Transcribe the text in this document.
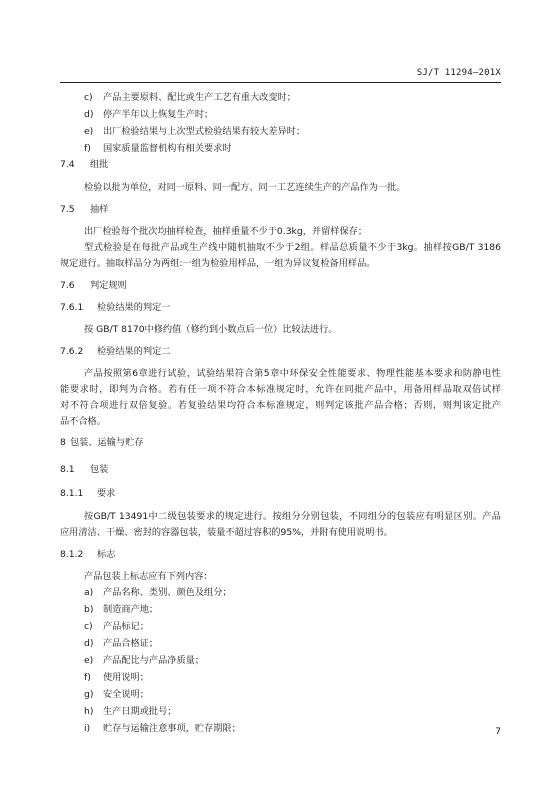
SJ/T 11294—201X
c) 产品主要原料、配比或生产工艺有重大改变时；
d) 停产半年以上恢复生产时；
e) 出厂检验结果与上次型式检验结果有较大差异时；
f) 国家质量监督机构有相关要求时
7.4 组批
检验以批为单位，对同一原料、同一配方、同一工艺连续生产的产品作为一批。
7.5 抽样
出厂检验每个批次均抽样检查，抽样重量不少于0.3kg，并留样保存；
型式检验是在每批产品或生产线中随机抽取不少于2组。样品总质量不少于3kg。抽样按GB/T 3186
规定进行。抽取样品分为两组:一组为检验用样品，一组为异议复检备用样品。
7.6 判定规则
7.6.1 检验结果的判定一
按 GB/T 8170中修约值（修约到小数点后一位）比较法进行。
7.6.2 检验结果的判定二
产品按照第6章进行试验，试验结果符合第5章中环保安全性能要求、物理性能基本要求和防静电性
能要求时，即判为合格。若有任一项不符合本标准规定时，允许在同批产品中，用备用样品取双倍试样
对不符合项进行双倍复验。若复验结果均符合本标准规定，则判定该批产品合格；否则，则判该定批产
品不合格。
8 包装、运输与贮存
8.1 包装
8.1.1 要求
按GB/T 13491中二级包装要求的规定进行。按组分分别包装，不同组分的包装应有明显区别。产品
应用清洁、干燥、密封的容器包装，装量不超过容积的95%，并附有使用说明书。
8.1.2 标志
产品包装上标志应有下列内容：
a) 产品名称、类别、颜色及组分；
b) 制造商产地；
c) 产品标记；
d) 产品合格证；
e) 产品配比与产品净质量；
f) 使用说明；
g) 安全说明；
h) 生产日期或批号；
i) 贮存与运输注意事项，贮存期限；	7
